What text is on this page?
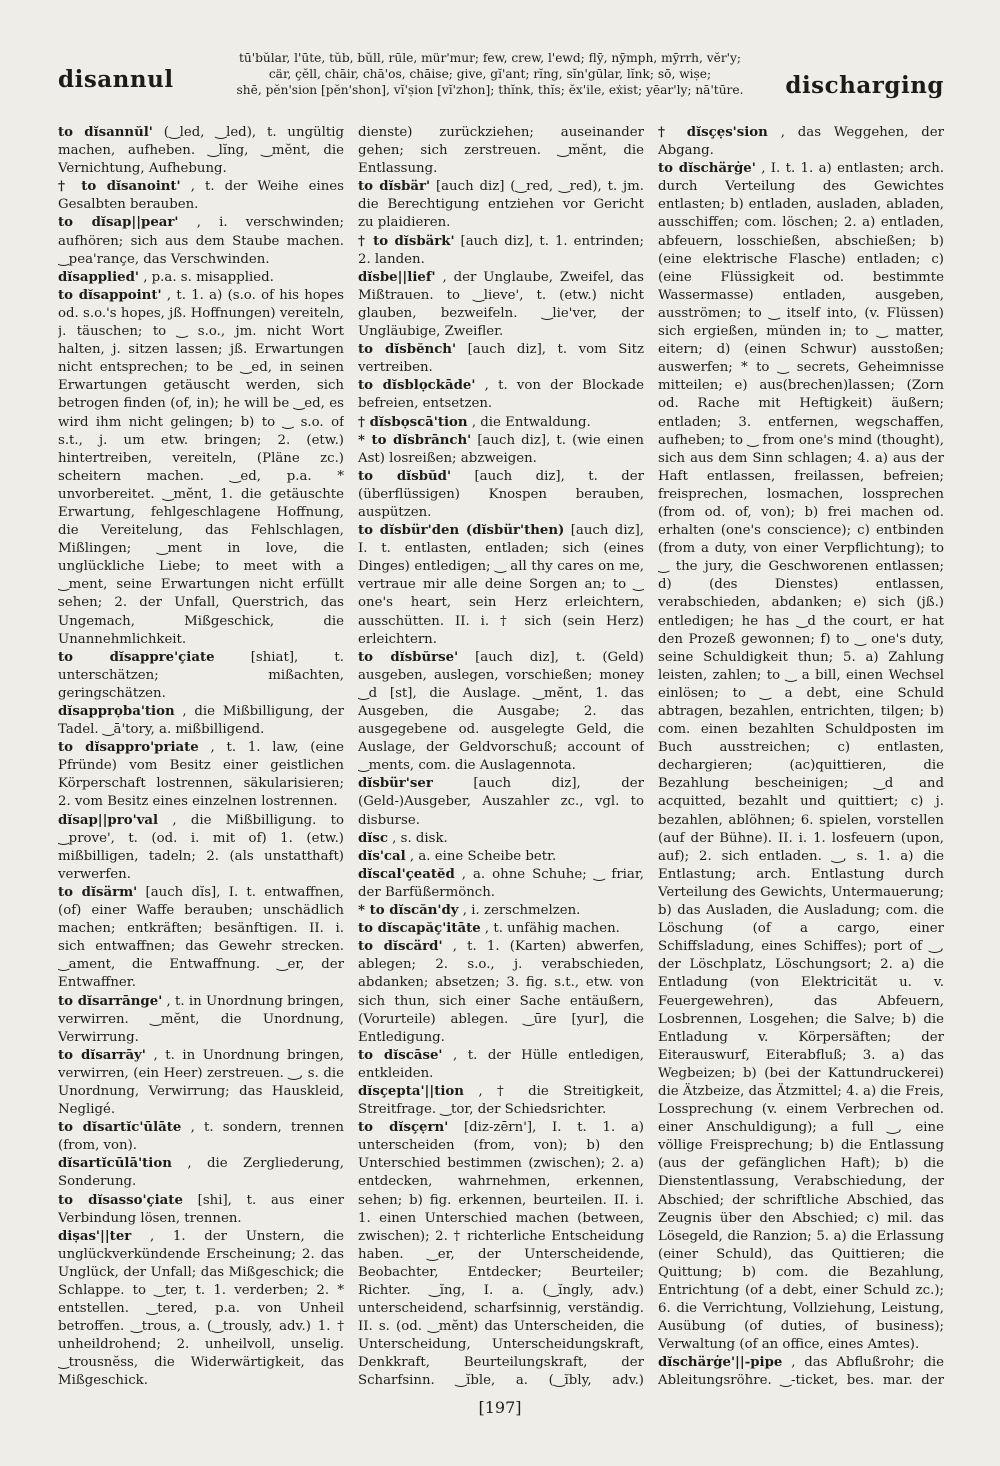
disannul
tū'bŭlar, l'ūte, tŭb, bŭll, rūle, mür'mur; few, crew, l'ewd; flȳ, nȳmph, mȳrrh, vĕr'y;
cär, çĕll, chāir, chā'os, chāise; give, gĭ'ant; rĭng, sĭn'gūlar, lĭnk; sō, wiṣe;
shē, pĕn'sion [pĕn'shon], vĭ'ṣion [vĭ'zhon]; thĭnk, thĭs; ĕx'ile, eẋist; yēar'ly; nā'tūre.	discharging

to dĭsannŭl' (‿led, ‿led), t. ungültig machen, aufheben. ‿lĭng, ‿mĕnt, die Vernichtung, Aufhebung.

† to dĭsanoint' , t. der Weihe eines Gesalbten berauben.

to dĭsap||pear' , i. verschwinden; aufhören; sich aus dem Staube machen. ‿pea'rançe, das Verschwinden.

dĭsapplied' , p.a. s. misapplied.

to dĭsappoint' , t. 1. a) (s.o. of his hopes od. s.o.'s hopes, jß. Hoffnungen) vereiteln, j. täuschen; to ‿ s.o., jm. nicht Wort halten, j. sitzen lassen; jß. Erwartungen nicht entsprechen; to be ‿ed, in seinen Erwartungen getäuscht werden, sich betrogen finden (of, in); he will be ‿ed, es wird ihm nicht gelingen; b) to ‿ s.o. of s.t., j. um etw. bringen; 2. (etw.) hintertreiben, vereiteln, (Pläne zc.) scheitern machen. ‿ed, p.a. * unvorbereitet. ‿mĕnt, 1. die getäuschte Erwartung, fehlgeschlagene Hoffnung, die Vereitelung, das Fehlschlagen, Mißlingen; ‿ment in love, die unglückliche Liebe; to meet with a ‿ment, seine Erwartungen nicht erfüllt sehen; 2. der Unfall, Querstrich, das Ungemach, Mißgeschick, die Unannehmlichkeit.

to dĭsappre'çiate	[shiat], t. unterschätzen; mißachten, geringschätzen.

dĭsapprọba'tion , die Mißbilligung, der Tadel. ‿ā'tory, a. mißbilligend.

to dĭsappro'priate , t. 1. law, (eine Pfründe) vom Besitz einer geistlichen Körperschaft lostrennen, säkularisieren; 2. vom Besitz eines einzelnen lostrennen.

dĭsap||pro'val , die Mißbilligung. to ‿prove', t. (od. i. mit of) 1. (etw.) mißbilligen, tadeln; 2. (als unstatthaft) verwerfen.

to dĭsärm' [auch dĭs], I. t. entwaffnen, (of) einer Waffe berauben; unschädlich machen; entkräften; besänftigen. II. i. sich entwaffnen; das Gewehr strecken. ‿ament, die Entwaffnung. ‿er, der Entwaffner.

to dĭsarrānge' , t. in Unordnung bringen, verwirren. ‿mĕnt, die Unordnung, Verwirrung.

to dĭsarrāy' , t. in Unordnung bringen, verwirren, (ein Heer) zerstreuen. ‿, s. die Unordnung, Verwirrung; das Hauskleid, Negligé.

to dĭsartĭc'ūlāte , t. sondern, trennen (from, von).

dĭsartĭcūlā'tion , die Zergliederung, Sonderung.

to dĭsasso'çiate [shi], t. aus einer Verbindung lösen, trennen.

diṣas'||ter , 1. der Unstern, die unglückverkündende Erscheinung; 2. das Unglück, der Unfall; das Mißgeschick; die Schlappe. to ‿ter, t. 1. verderben; 2. * entstellen. ‿tered, p.a. von Unheil betroffen. ‿trous, a. (‿trously, adv.) 1. † unheildrohend; 2. unheilvoll, unselig. ‿trousnĕss, die Widerwärtigkeit, das Mißgeschick.

dienste) zurückziehen; auseinander gehen; sich zerstreuen. ‿mĕnt, die Entlassung.

to dĭsbär' [auch diz] (‿red, ‿red), t. jm. die Berechtigung entziehen vor Gericht zu plaidieren.

† to dĭsbärk' [auch diz], t. 1. entrinden; 2. landen.

dĭsbe||lief' , der Unglaube, Zweifel, das Mißtrauen. to ‿lieve', t. (etw.) nicht glauben, bezweifeln. ‿lie'ver, der Ungläubige, Zweifler.

to dĭsbĕnch' [auch diz], t. vom Sitz vertreiben.

to dĭsblọckāde' , t. von der Blockade befreien, entsetzen.

† dĭsbọscā'tion , die Entwaldung.

* to dĭsbrānch' [auch diz], t. (wie einen Ast) losreißen; abzweigen.

to dĭsbŭd' [auch diz], t. der (überflüssigen) Knospen berauben, auspützen.

to dĭsbür'den (dĭsbür'then) [auch diz], I. t. entlasten, entladen; sich (eines Dinges) entledigen; ‿ all thy cares on me, vertraue mir alle deine Sorgen an; to ‿ one's heart, sein Herz erleichtern, ausschütten. II. i. † sich (sein Herz) erleichtern.

to dĭsbŭrse' [auch diz], t. (Geld) ausgeben, auslegen, vorschießen; money ‿d [st], die Auslage. ‿mĕnt, 1. das Ausgeben, die Ausgabe; 2. das ausgegebene od. ausgelegte Geld, die Auslage, der Geldvorschuß; account of ‿ments, com. die Auslagennota.

dĭsbür'ser	[auch diz], der (Geld-)Ausgeber, Auszahler zc., vgl. to disburse.

dĭsc , s. disk.

dĭs'cal , a. eine Scheibe betr.

dĭscal'çeatĕd , a. ohne Schuhe; ‿ friar, der Barfüßermönch.

* to dĭscăn'dy , i. zerschmelzen.

to dĭscapăç'itāte , t. unfähig machen.

to dĭscärd' , t. 1. (Karten) abwerfen, ablegen; 2. s.o., j. verabschieden, abdanken; absetzen; 3. fig. s.t., etw. von sich thun, sich einer Sache entäußern, (Vorurteile) ablegen. ‿ūre [yur], die Entledigung.

to dĭscāse' , t. der Hülle entledigen, entkleiden.

dĭsçepta'||tion , † die Streitigkeit, Streitfrage. ‿tor, der Schiedsrichter.

to dĭsçẹrn' [diz-zērn'], I. t. 1. a) unterscheiden (from, von); b) den Unterschied bestimmen (zwischen); 2. a) entdecken, wahrnehmen, erkennen, sehen; b) fig. erkennen, beurteilen. II. i. 1. einen Unterschied machen (between, zwischen); 2. † richterliche Entscheidung haben. ‿er, der Unterscheidende, Beobachter, Entdecker; Beurteiler; Richter. ‿ĭng, I. a. (‿ĭngly, adv.) unterscheidend, scharfsinnig, verständig. II. s. (od. ‿mĕnt) das Unterscheiden, die Unterscheidung, Unterscheidungskraft, Denkkraft, Beurteilungskraft, der Scharfsinn. ‿ĭble, a. (‿ĭbly, adv.)

† dĭsçẹs'sion , das Weggehen, der Abgang.

to dĭschärġe' , I. t. 1. a) entlasten; arch. durch Verteilung des Gewichtes entlasten; b) entladen, ausladen, abladen, ausschiffen; com. löschen; 2. a) entladen, abfeuern, losschießen, abschießen; b) (eine elektrische Flasche) entladen; c) (eine Flüssigkeit od. bestimmte Wassermasse) entladen, ausgeben, ausströmen; to ‿ itself into, (v. Flüssen) sich ergießen, münden in; to ‿ matter, eitern; d) (einen Schwur) ausstoßen; auswerfen; * to ‿ secrets, Geheimnisse mitteilen; e) aus(brechen)lassen; (Zorn od. Rache mit Heftigkeit) äußern; entladen; 3. entfernen, wegschaffen, aufheben; to ‿ from one's mind (thought), sich aus dem Sinn schlagen; 4. a) aus der Haft entlassen, freilassen, befreien; freisprechen, losmachen, lossprechen (from od. of, von); b) frei machen od. erhalten (one's conscience); c) entbinden (from a duty, von einer Verpflichtung); to ‿ the jury, die Geschworenen entlassen; d) (des Dienstes) entlassen, verabschieden, abdanken; e) sich (jß.) entledigen; he has ‿d the court, er hat den Prozeß gewonnen; f) to ‿ one's duty, seine Schuldigkeit thun; 5. a) Zahlung leisten, zahlen; to ‿ a bill, einen Wechsel einlösen; to ‿ a debt, eine Schuld abtragen, bezahlen, entrichten, tilgen; b) com. einen bezahlten Schuldposten im Buch ausstreichen; c) entlasten, dechargieren; (ac)quittieren, die Bezahlung bescheinigen; ‿d and acquitted, bezahlt und quittiert; c) j. bezahlen, ablöhnen; 6. spielen, vorstellen (auf der Bühne). II. i. 1. losfeuern (upon, auf); 2. sich entladen. ‿, s. 1. a) die Entlastung; arch. Entlastung durch Verteilung des Gewichts, Untermauerung; b) das Ausladen, die Ausladung; com. die Löschung (of a cargo, einer Schiffsladung, eines Schiffes); port of ‿, der Löschplatz, Löschungsort; 2. a) die Entladung (von Elektricität u. v. Feuergewehren), das Abfeuern, Losbrennen, Losgehen; die Salve; b) die Entladung v. Körpersäften; der Eiterauswurf, Eiterabfluß; 3. a) das Wegbeizen; b) (bei der Kattundruckerei) die Ätzbeize, das Ätzmittel; 4. a) die Freis, Lossprechung (v. einem Verbrechen od. einer Anschuldigung); a full ‿, eine völlige Freisprechung; b) die Entlassung (aus der gefänglichen Haft); b) die Dienstentlassung, Verabschiedung, der Abschied; der schriftliche Abschied, das Zeugnis über den Abschied; c) mil. das Lösegeld, die Ranzion; 5. a) die Erlassung (einer Schuld), das Quittieren; die Quittung; b) com. die Bezahlung, Entrichtung (of a debt, einer Schuld zc.); 6. die Verrichtung, Vollziehung, Leistung, Ausübung (of duties, of business); Verwaltung (of an office, eines Amtes).

dĭschärġe'||-pipe , das Abflußrohr; die Ableitungsröhre. ‿-ticket, bes. mar. der

[197]
